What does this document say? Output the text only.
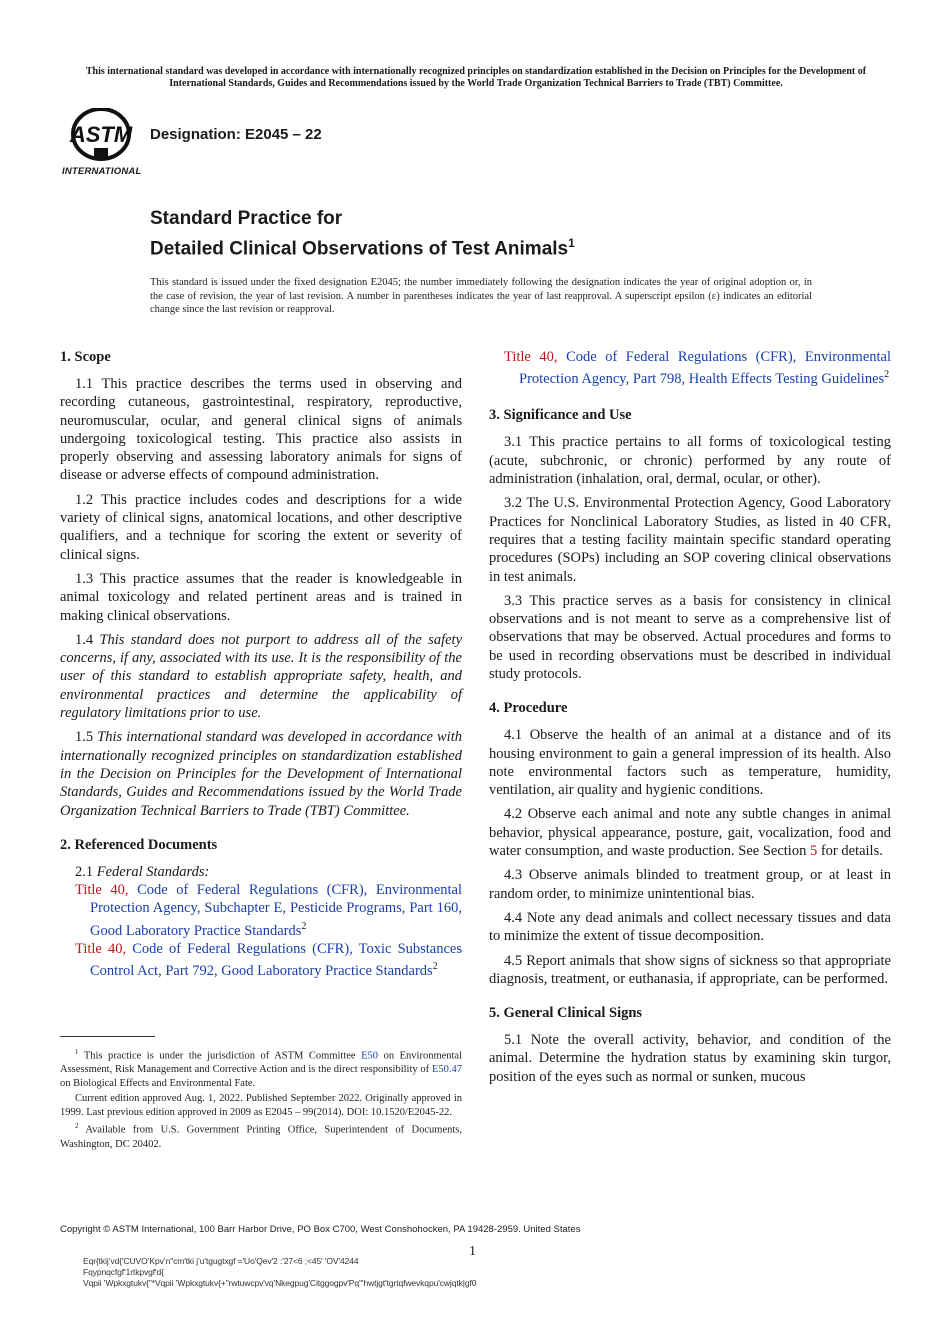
This international standard was developed in accordance with internationally recognized principles on standardization established in the Decision on Principles for the Development of International Standards, Guides and Recommendations issued by the World Trade Organization Technical Barriers to Trade (TBT) Committee.
ASTM
INTERNATIONAL
Designation: E2045 – 22
Standard Practice for
Detailed Clinical Observations of Test Animals$^1$
This standard is issued under the fixed designation E2045; the number immediately following the designation indicates the year of original adoption or, in the case of revision, the year of last revision. A number in parentheses indicates the year of last reapproval. A superscript epsilon (ε) indicates an editorial change since the last revision or reapproval.
1. Scope

1.1 This practice describes the terms used in observing and recording cutaneous, gastrointestinal, respiratory, reproductive, neuromuscular, ocular, and general clinical signs of animals undergoing toxicological testing. This practice also assists in properly observing and assessing laboratory animals for signs of disease or adverse effects of compound administration.

1.2 This practice includes codes and descriptions for a wide variety of clinical signs, anatomical locations, and other descriptive qualifiers, and a technique for scoring the extent or severity of clinical signs.

1.3 This practice assumes that the reader is knowledgeable in animal toxicology and related pertinent areas and is trained in making clinical observations.

1.4 This standard does not purport to address all of the safety concerns, if any, associated with its use. It is the responsibility of the user of this standard to establish appropriate safety, health, and environmental practices and determine the applicability of regulatory limitations prior to use.

1.5 This international standard was developed in accordance with internationally recognized principles on standardization established in the Decision on Principles for the Development of International Standards, Guides and Recommendations issued by the World Trade Organization Technical Barriers to Trade (TBT) Committee.

2. Referenced Documents

2.1 Federal Standards:

Title 40, Code of Federal Regulations (CFR), Environmental Protection Agency, Subchapter E, Pesticide Programs, Part 160, Good Laboratory Practice Standards$^2$
Title 40, Code of Federal Regulations (CFR), Toxic Substances Control Act, Part 792, Good Laboratory Practice Standards$^2$

$^1$ This practice is under the jurisdiction of ASTM Committee E50 on Environmental Assessment, Risk Management and Corrective Action and is the direct responsibility of E50.47 on Biological Effects and Environmental Fate.

Current edition approved Aug. 1, 2022. Published September 2022. Originally approved in 1999. Last previous edition approved in 2009 as E2045 – 99(2014). DOI: 10.1520/E2045-22.

$^2$ Available from U.S. Government Printing Office, Superintendent of Documents, Washington, DC 20402.

Title 40, Code of Federal Regulations (CFR), Environmental Protection Agency, Part 798, Health Effects Testing Guidelines$^2$
3. Significance and Use

3.1 This practice pertains to all forms of toxicological testing (acute, subchronic, or chronic) performed by any route of administration (inhalation, oral, dermal, ocular, or other).

3.2 The U.S. Environmental Protection Agency, Good Laboratory Practices for Nonclinical Laboratory Studies, as listed in 40 CFR, requires that a testing facility maintain specific standard operating procedures (SOPs) including an SOP covering clinical observations in test animals.

3.3 This practice serves as a basis for consistency in clinical observations and is not meant to serve as a comprehensive list of observations that may be observed. Actual procedures and forms to be used in recording observations must be described in individual study protocols.

4. Procedure

4.1 Observe the health of an animal at a distance and of its housing environment to gain a general impression of its health. Also note environmental factors such as temperature, humidity, ventilation, air quality and hygienic conditions.

4.2 Observe each animal and note any subtle changes in animal behavior, physical appearance, posture, gait, vocalization, food and water consumption, and waste production. See Section 5 for details.

4.3 Observe animals blinded to treatment group, or at least in random order, to minimize unintentional bias.

4.4 Note any dead animals and collect necessary tissues and data to minimize the extent of tissue decomposition.

4.5 Report animals that show signs of sickness so that appropriate diagnosis, treatment, or euthanasia, if appropriate, can be performed.

5. General Clinical Signs

5.1 Note the overall activity, behavior, and condition of the animal. Determine the hydration status by examining skin turgor, position of the eyes such as normal or sunken, mucous

Copyright © ASTM International, 100 Barr Harbor Drive, PO Box C700, West Conshohocken, PA 19428-2959. United States
1
Eqr{tkij’vd{'CUVO’Kpv’n"cm'tki j’u'tgugtxgf ='Uo'Qev'2 :'27<6 ;<45' 'OV'4244
Fqypnqcfgf'1rtkpvgf'd{
Vqpii ’Wpkxgtukv{"*Vqpii ’Wpkxgtukv{+"rwtuwcpv'vq'Nkegpug'Citggogpv'Pq'"hwtjgt'tgrtqfwevkqpu'cwjqtk|gf0
